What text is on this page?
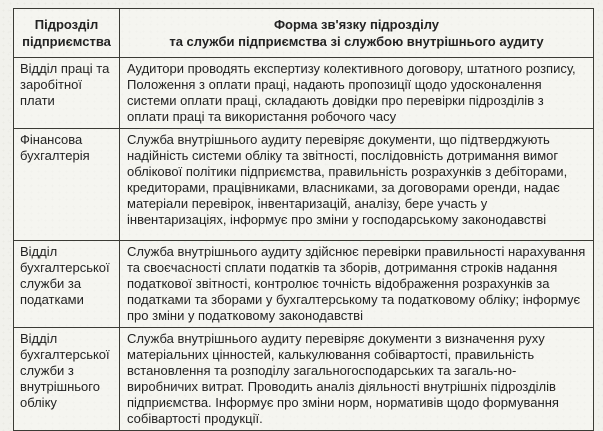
Підрозділ підприємства	Форма зв'язку підрозділу
та служби підприємства зі службою внутрішнього аудиту

Відділ праці та заробітної плати	Аудитори проводять експертизу колективного договору, штатного розпису, Положення з оплати праці, надають пропозиції щодо удосконалення системи оплати праці, складають довідки про перевірки підрозділів з оплати праці та використання робочого часу
Фінансова бухгалтерія	Служба внутрішнього аудиту перевіряє документи, що підтверджують надійність системи обліку та звітності, послідовність дотримання вимог облікової політики підприємства, правильність розрахунків з дебіторами, кредиторами, працівниками, власниками, за договорами оренди, надає матеріали перевірок, інвентаризацій, аналізу, бере участь у інвентаризаціях, інформує про зміни у господарському законодавстві
Відділ бухгалтерської служби за податками	Служба внутрішнього аудиту здійснює перевірки правильності нарахування та своєчасності сплати податків та зборів, дотримання строків надання податкової звітності, контролює точність відображення розрахунків за податками та зборами у бухгалтерському та податковому обліку; інформує про зміни у податковому законодавстві
Відділ бухгалтерської служби з внутрішнього обліку	Служба внутрішнього аудиту перевіряє документи з визначення руху матеріальних цінностей, калькулювання собівартості, правильність встановлення та розподілу загальногосподарських та загаль-но-виробничих витрат. Проводить аналіз діяльності внутрішніх підрозділів підприємства. Інформує про зміни норм, нормативів щодо формування собівартості продукції.
